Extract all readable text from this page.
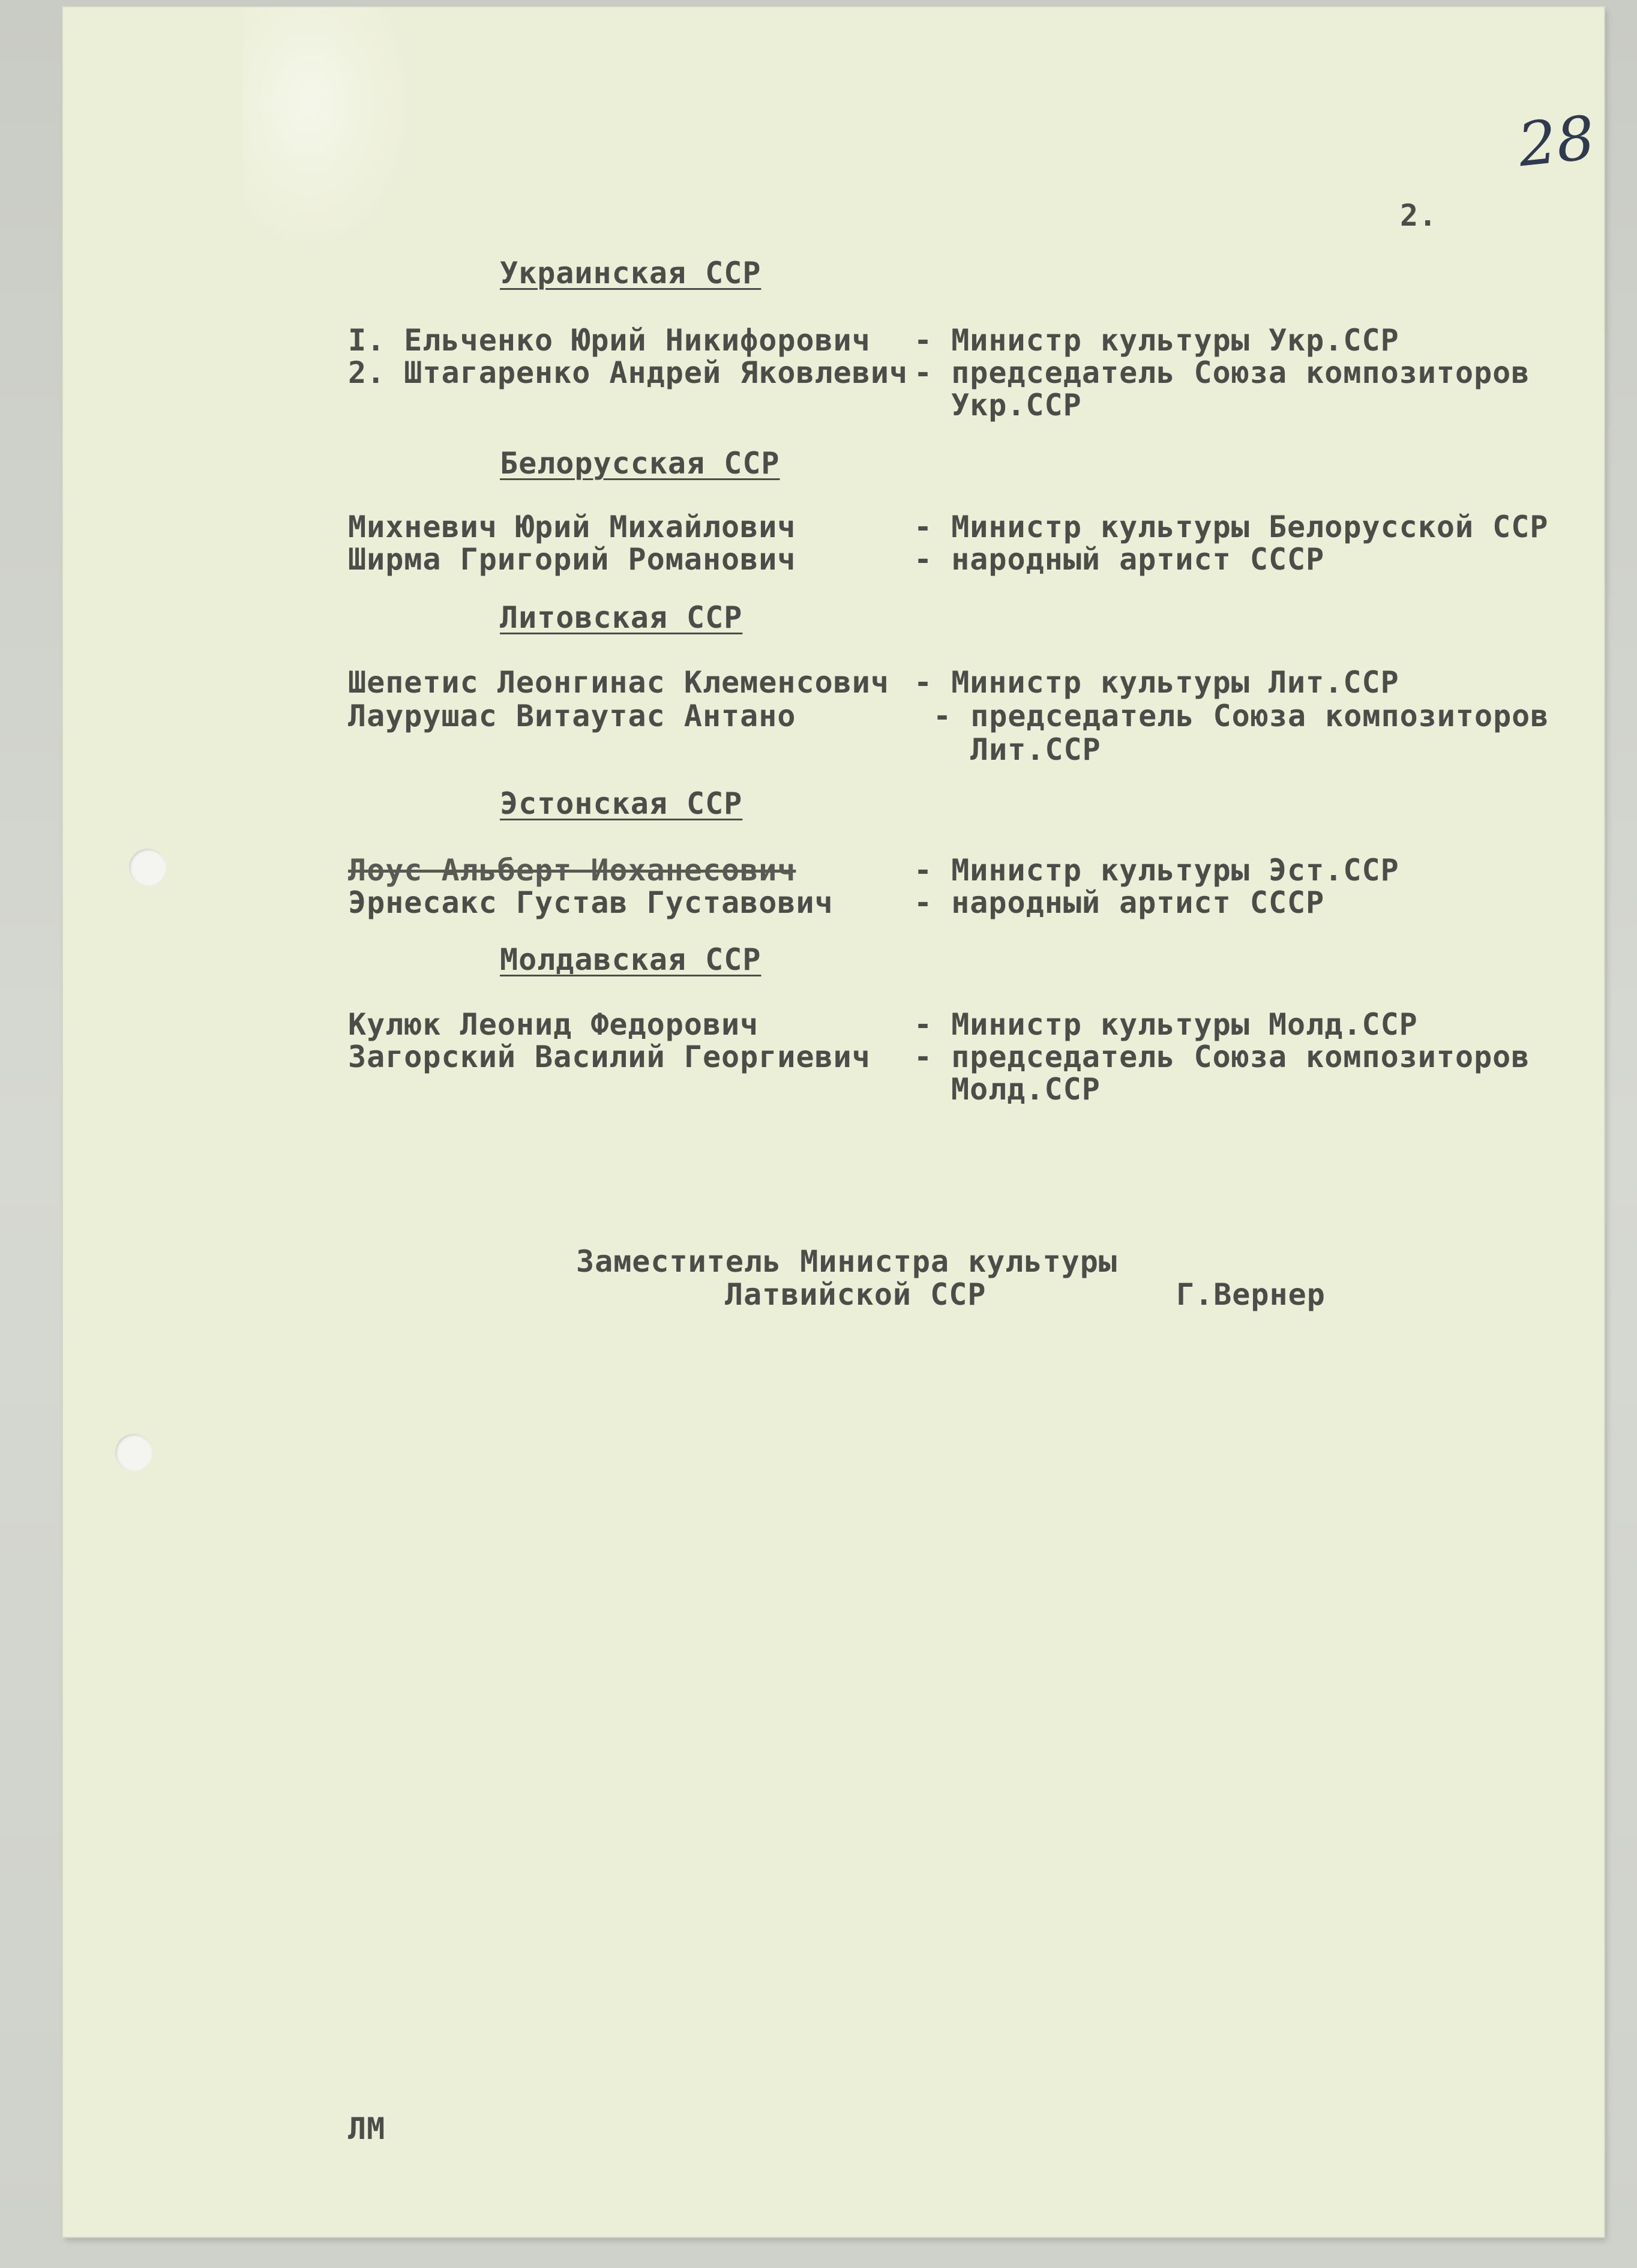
28
2.
Украинская ССР
I. Ельченко Юрий Никифорович - Министр культуры Укр.ССР
2. Штагаренко Андрей Яковлевич - председатель Союза композиторов
Укр.ССР
Белорусская ССР
Михневич Юрий Михайлович	- Министр культуры Белорусской ССР
Ширма Григорий Романович	- народный артист СССР
Литовская ССР
Шепетис Леонгинас Клеменсович - Министр культуры Лит.ССР
Лаурушас Витаутас Антано	- председатель Союза композиторов
Лит.ССР
Эстонская ССР
Лоус Альберт Иоханесович	- Министр культуры Эст.ССР
Эрнесакс Густав Густавович	- народный артист СССР
Молдавская ССР
Кулюк Леонид Федорович	- Министр культуры Молд.ССР
Загорский Василий Георгиевич - председатель Союза композиторов
Молд.ССР
Заместитель Министра культуры
Латвийской ССР	Г.Вернер
ЛМ
